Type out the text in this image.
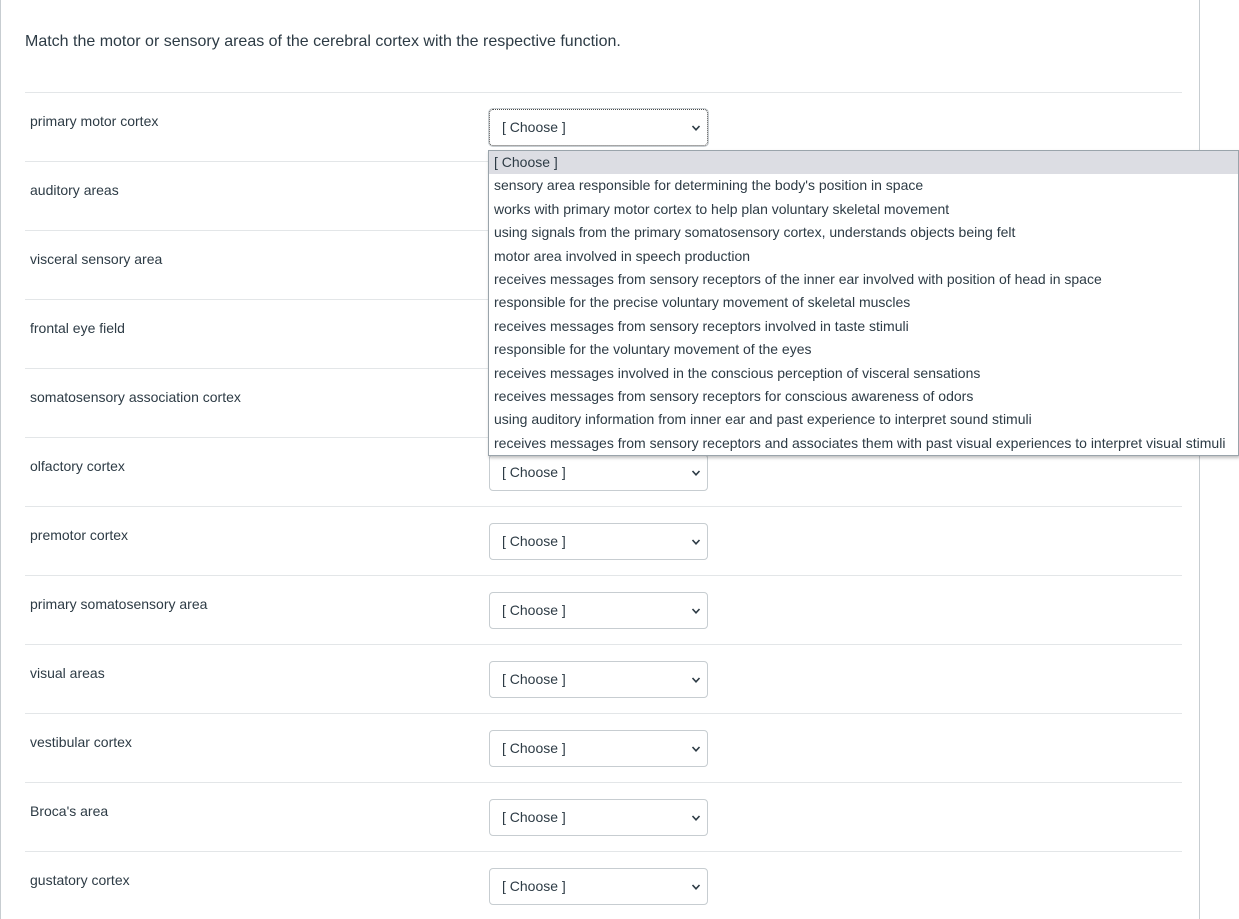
Match the motor or sensory areas of the cerebral cortex with the respective function.
primary motor cortex	[ Choose ]
auditory areas
visceral sensory area
frontal eye field
somatosensory association cortex
olfactory cortex	[ Choose ]
premotor cortex	[ Choose ]
primary somatosensory area	[ Choose ]
visual areas	[ Choose ]
vestibular cortex	[ Choose ]
Broca's area	[ Choose ]
gustatory cortex	[ Choose ]
[ Choose ]
sensory area responsible for determining the body's position in space
works with primary motor cortex to help plan voluntary skeletal movement
using signals from the primary somatosensory cortex, understands objects being felt
motor area involved in speech production
receives messages from sensory receptors of the inner ear involved with position of head in space
responsible for the precise voluntary movement of skeletal muscles
receives messages from sensory receptors involved in taste stimuli
responsible for the voluntary movement of the eyes
receives messages involved in the conscious perception of visceral sensations
receives messages from sensory receptors for conscious awareness of odors
using auditory information from inner ear and past experience to interpret sound stimuli
receives messages from sensory receptors and associates them with past visual experiences to interpret visual stimuli
